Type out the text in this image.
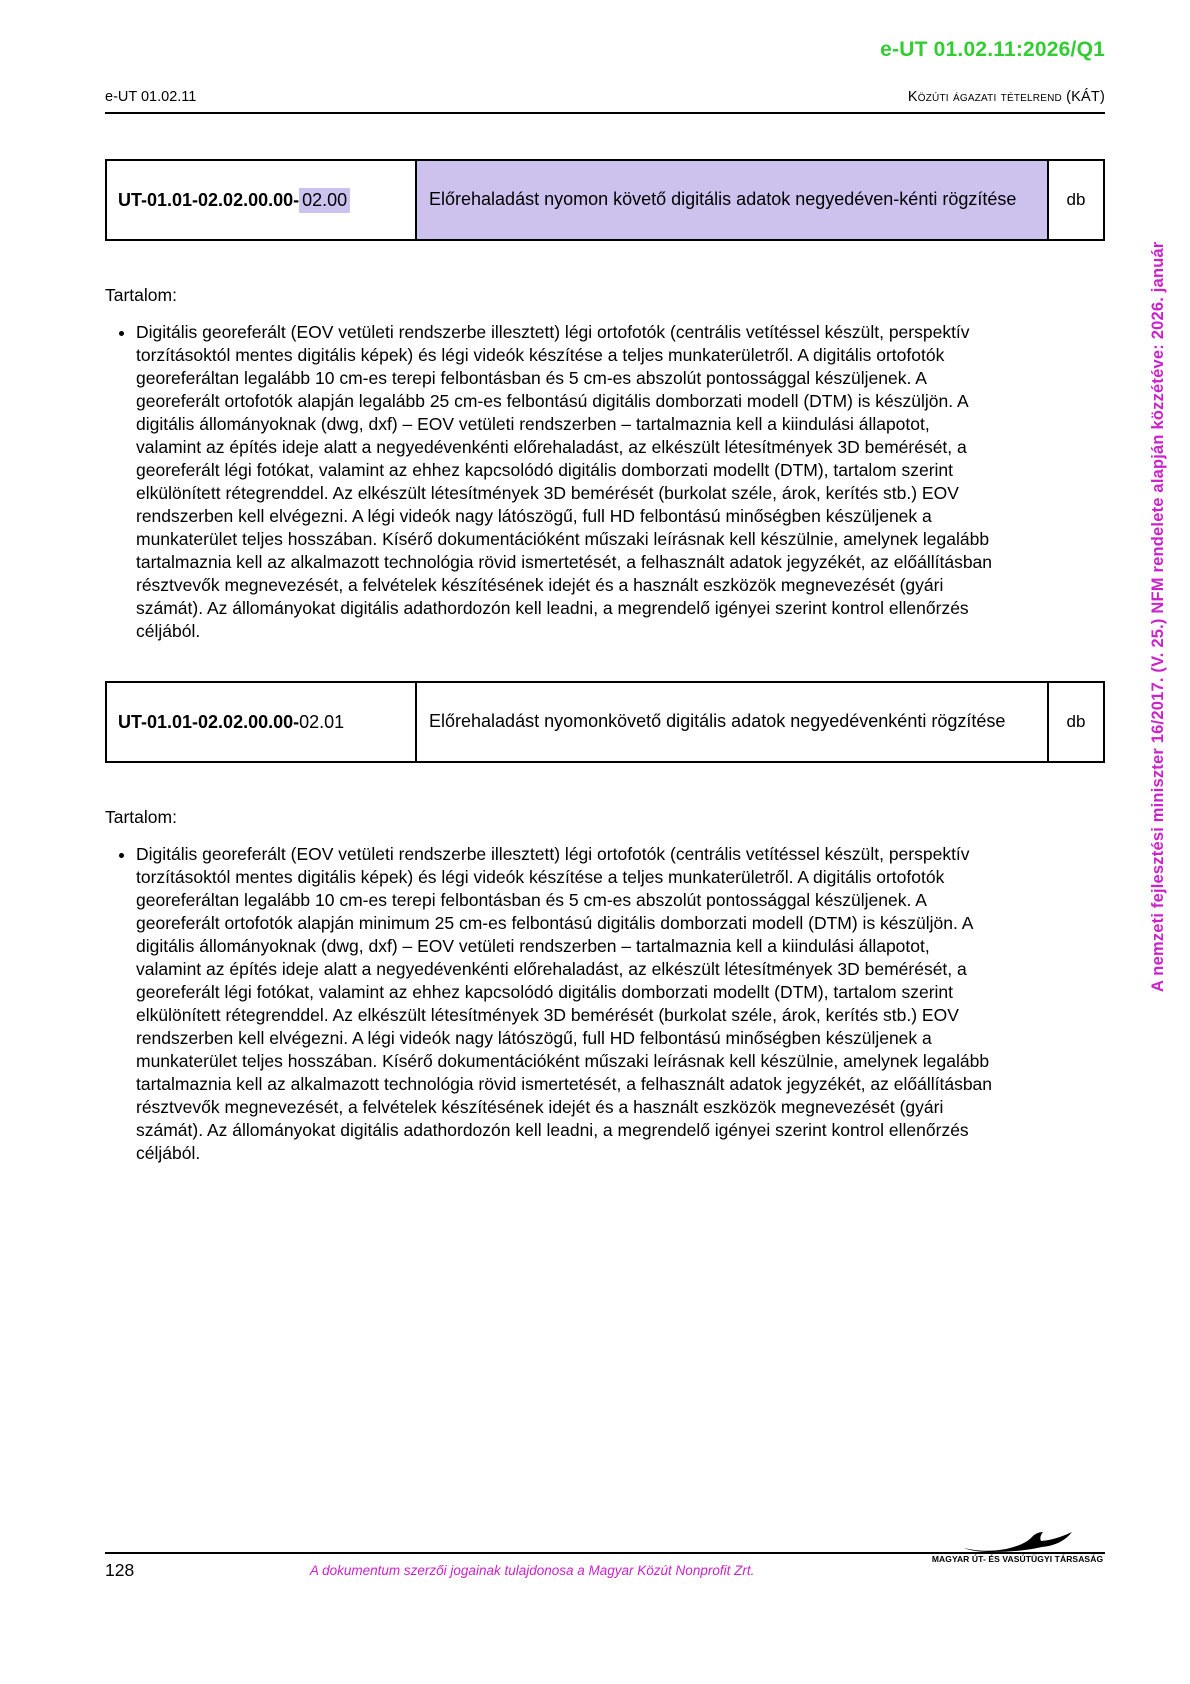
e-UT 01.02.11:2026/Q1
e-UT 01.02.11	Közúti ágazati tételrend (KÁT)
UT-01.01-02.02.00.00- 02.00	Előrehaladást nyomon követő digitális adatok negyedéven-kénti rögzítése	db
Tartalom:
• Digitális georeferált (EOV vetületi rendszerbe illesztett) légi ortofotók (centrális vetítéssel készült, perspektív torzításoktól mentes digitális képek) és légi videók készítése a teljes munkaterületről. A digitális ortofotók georeferáltan legalább 10 cm-es terepi felbontásban és 5 cm-es abszolút pontossággal készüljenek. A georeferált ortofotók alapján legalább 25 cm-es felbontású digitális domborzati modell (DTM) is készüljön. A digitális állományoknak (dwg, dxf) – EOV vetületi rendszerben – tartalmaznia kell a kiindulási állapotot, valamint az építés ideje alatt a negyedévenkénti előrehaladást, az elkészült létesítmények 3D bemérését, a georeferált légi fotókat, valamint az ehhez kapcsolódó digitális domborzati modellt (DTM), tartalom szerint elkülönített rétegrenddel. Az elkészült létesítmények 3D bemérését (burkolat széle, árok, kerítés stb.) EOV rendszerben kell elvégezni. A légi videók nagy látószögű, full HD felbontású minőségben készüljenek a munkaterület teljes hosszában. Kísérő dokumentációként műszaki leírásnak kell készülnie, amelynek legalább tartalmaznia kell az alkalmazott technológia rövid ismertetését, a felhasznált adatok jegyzékét, az előállításban résztvevők megnevezését, a felvételek készítésének idejét és a használt eszközök megnevezését (gyári számát). Az állományokat digitális adathordozón kell leadni, a megrendelő igényei szerint kontrol ellenőrzés céljából.
UT-01.01-02.02.00.00- 02.01	Előrehaladást nyomonkövető digitális adatok negyedévenkénti rögzítése	db
Tartalom:
• Digitális georeferált (EOV vetületi rendszerbe illesztett) légi ortofotók (centrális vetítéssel készült, perspektív torzításoktól mentes digitális képek) és légi videók készítése a teljes munkaterületről. A digitális ortofotók georeferáltan legalább 10 cm-es terepi felbontásban és 5 cm-es abszolút pontossággal készüljenek. A georeferált ortofotók alapján minimum 25 cm-es felbontású digitális domborzati modell (DTM) is készüljön. A digitális állományoknak (dwg, dxf) – EOV vetületi rendszerben – tartalmaznia kell a kiindulási állapotot, valamint az építés ideje alatt a negyedévenkénti előrehaladást, az elkészült létesítmények 3D bemérését, a georeferált légi fotókat, valamint az ehhez kapcsolódó digitális domborzati modellt (DTM), tartalom szerint elkülönített rétegrenddel. Az elkészült létesítmények 3D bemérését (burkolat széle, árok, kerítés stb.) EOV rendszerben kell elvégezni. A légi videók nagy látószögű, full HD felbontású minőségben készüljenek a munkaterület teljes hosszában. Kísérő dokumentációként műszaki leírásnak kell készülnie, amelynek legalább tartalmaznia kell az alkalmazott technológia rövid ismertetését, a felhasznált adatok jegyzékét, az előállításban résztvevők megnevezését, a felvételek készítésének idejét és a használt eszközök megnevezését (gyári számát). Az állományokat digitális adathordozón kell leadni, a megrendelő igényei szerint kontrol ellenőrzés céljából.
A nemzeti fejlesztési miniszter 16/2017. (V. 25.) NFM rendelete alapján közzétéve: 2026. január
MAGYAR ÚT- ÉS VASÚTÜGYI TÁRSASÁG
128	A dokumentum szerzői jogainak tulajdonosa a Magyar Közút Nonprofit Zrt.
